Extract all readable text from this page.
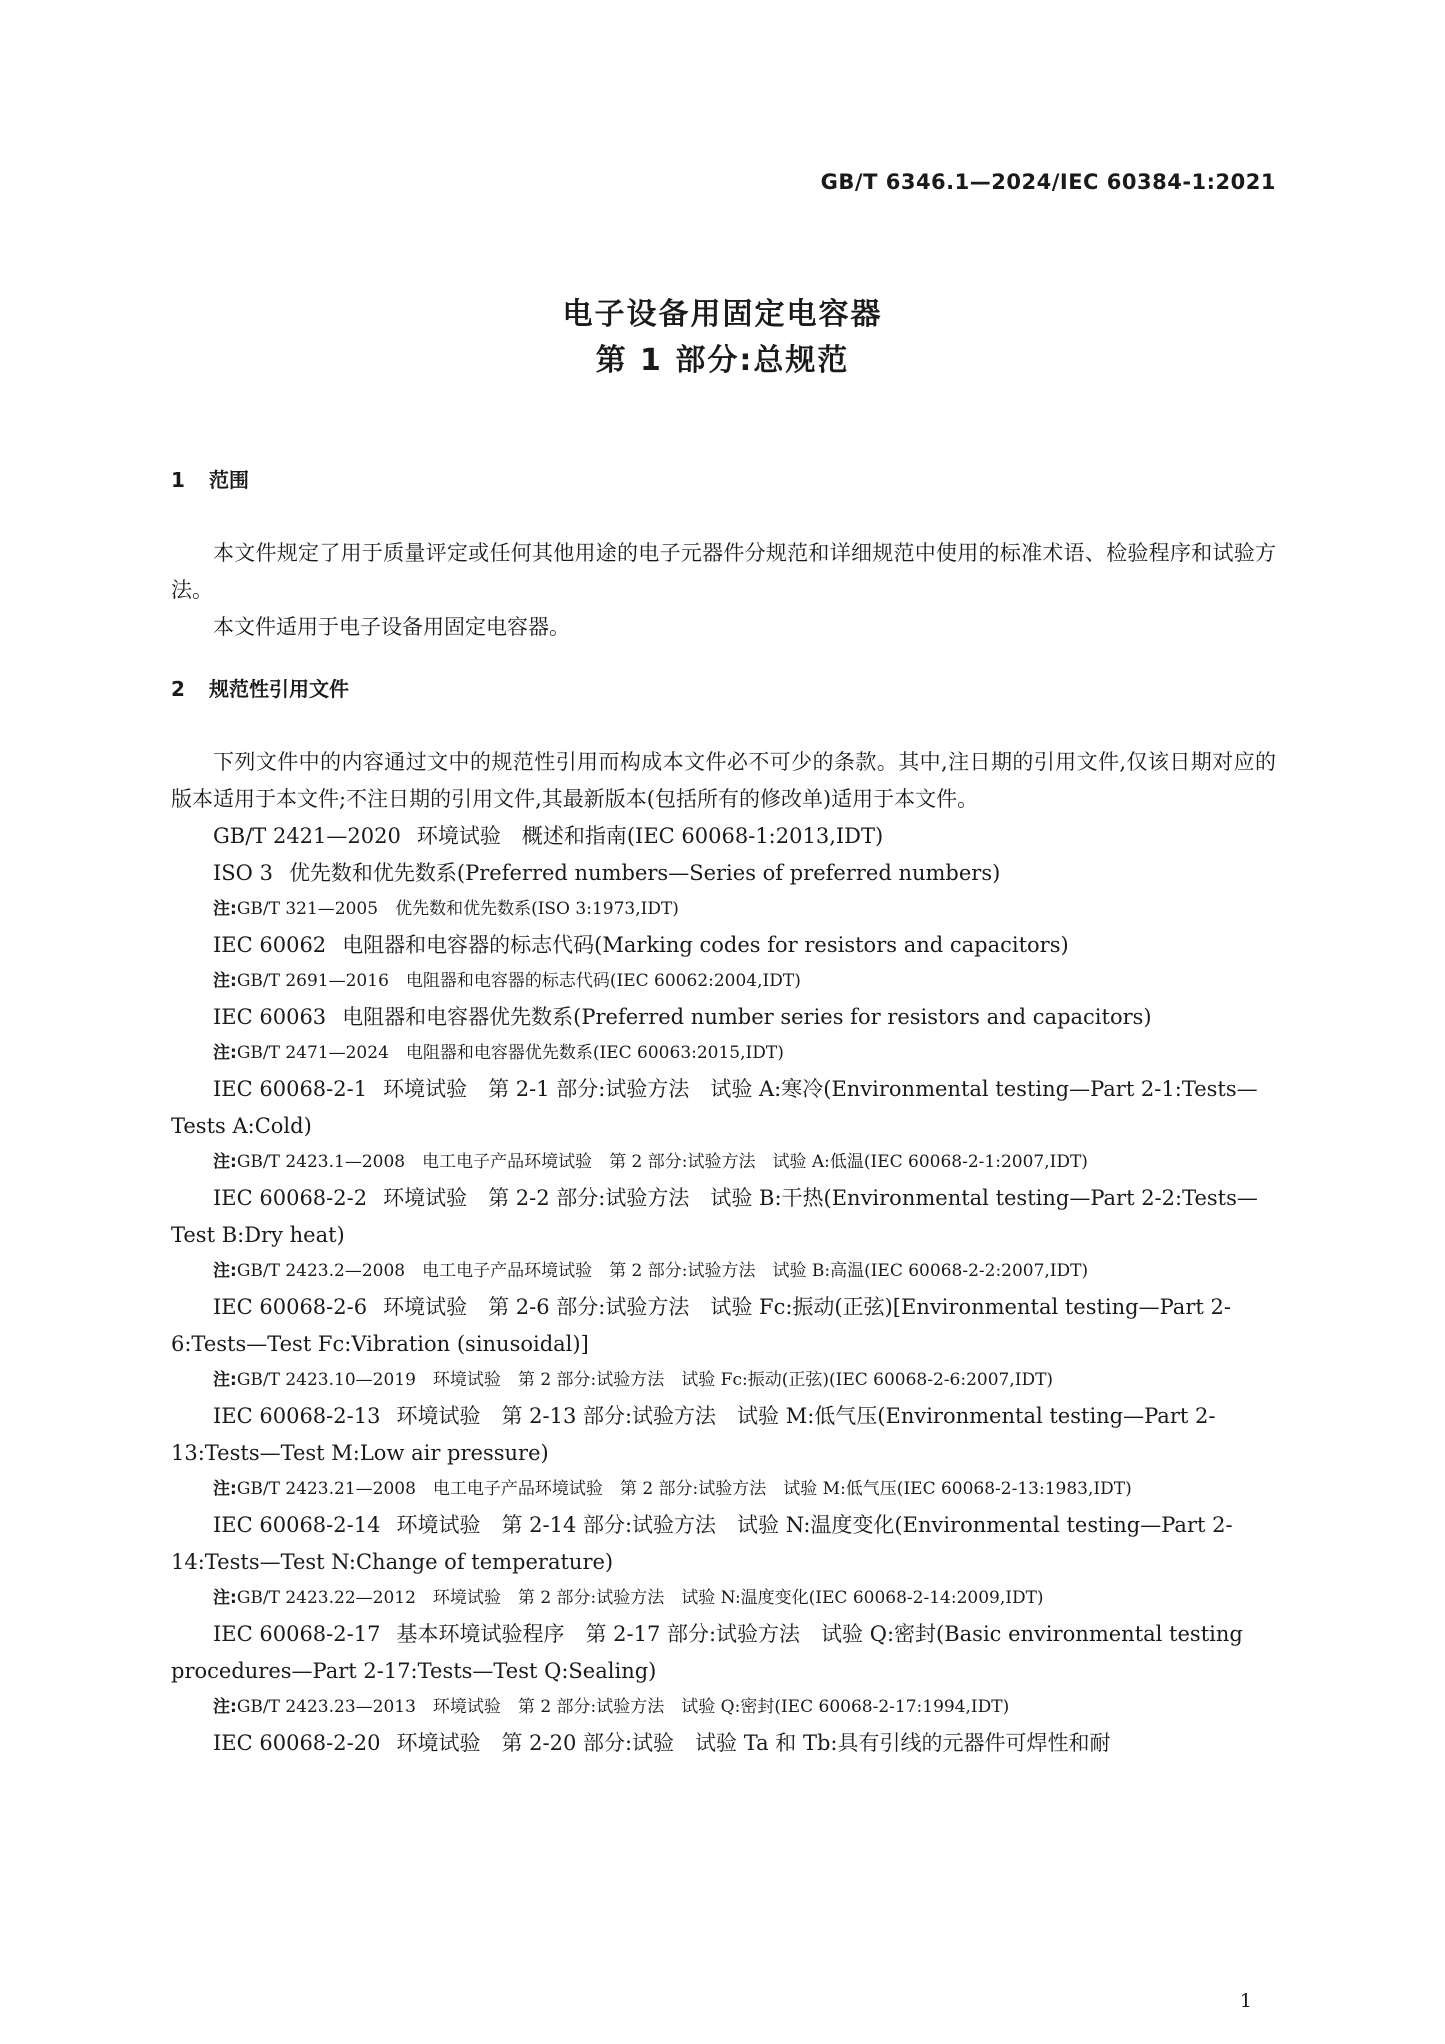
GB/T 6346.1—2024/IEC 60384-1:2021
电子设备用固定电容器
第 1 部分:总规范

1 范围

本文件规定了用于质量评定或任何其他用途的电子元器件分规范和详细规范中使用的标准术语、检验程序和试验方法。

本文件适用于电子设备用固定电容器。

2 规范性引用文件

下列文件中的内容通过文中的规范性引用而构成本文件必不可少的条款。其中,注日期的引用文件,仅该日期对应的版本适用于本文件;不注日期的引用文件,其最新版本(包括所有的修改单)适用于本文件。

GB/T 2421—2020 环境试验　概述和指南(IEC 60068-1:2013,IDT)

ISO 3 优先数和优先数系(Preferred numbers—Series of preferred numbers)

注:GB/T 321—2005　优先数和优先数系(ISO 3:1973,IDT)

IEC 60062 电阻器和电容器的标志代码(Marking codes for resistors and capacitors)

注:GB/T 2691—2016　电阻器和电容器的标志代码(IEC 60062:2004,IDT)

IEC 60063 电阻器和电容器优先数系(Preferred number series for resistors and capacitors)

注:GB/T 2471—2024　电阻器和电容器优先数系(IEC 60063:2015,IDT)

IEC 60068-2-1 环境试验　第 2-1 部分:试验方法　试验 A:寒冷(Environmental testing—Part 2-1:Tests—Tests A:Cold)

注:GB/T 2423.1—2008　电工电子产品环境试验　第 2 部分:试验方法　试验 A:低温(IEC 60068-2-1:2007,IDT)

IEC 60068-2-2 环境试验　第 2-2 部分:试验方法　试验 B:干热(Environmental testing—Part 2-2:Tests—Test B:Dry heat)

注:GB/T 2423.2—2008　电工电子产品环境试验　第 2 部分:试验方法　试验 B:高温(IEC 60068-2-2:2007,IDT)

IEC 60068-2-6 环境试验　第 2-6 部分:试验方法　试验 Fc:振动(正弦)[Environmental testing—Part 2-6:Tests—Test Fc:Vibration (sinusoidal)]

注:GB/T 2423.10—2019　环境试验　第 2 部分:试验方法　试验 Fc:振动(正弦)(IEC 60068-2-6:2007,IDT)

IEC 60068-2-13 环境试验　第 2-13 部分:试验方法　试验 M:低气压(Environmental testing—Part 2-13:Tests—Test M:Low air pressure)

注:GB/T 2423.21—2008　电工电子产品环境试验　第 2 部分:试验方法　试验 M:低气压(IEC 60068-2-13:1983,IDT)

IEC 60068-2-14 环境试验　第 2-14 部分:试验方法　试验 N:温度变化(Environmental testing—Part 2-14:Tests—Test N:Change of temperature)

注:GB/T 2423.22—2012　环境试验　第 2 部分:试验方法　试验 N:温度变化(IEC 60068-2-14:2009,IDT)

IEC 60068-2-17 基本环境试验程序　第 2-17 部分:试验方法　试验 Q:密封(Basic environmental testing procedures—Part 2-17:Tests—Test Q:Sealing)

注:GB/T 2423.23—2013　环境试验　第 2 部分:试验方法　试验 Q:密封(IEC 60068-2-17:1994,IDT)

IEC 60068-2-20 环境试验　第 2-20 部分:试验　试验 Ta 和 Tb:具有引线的元器件可焊性和耐

1
